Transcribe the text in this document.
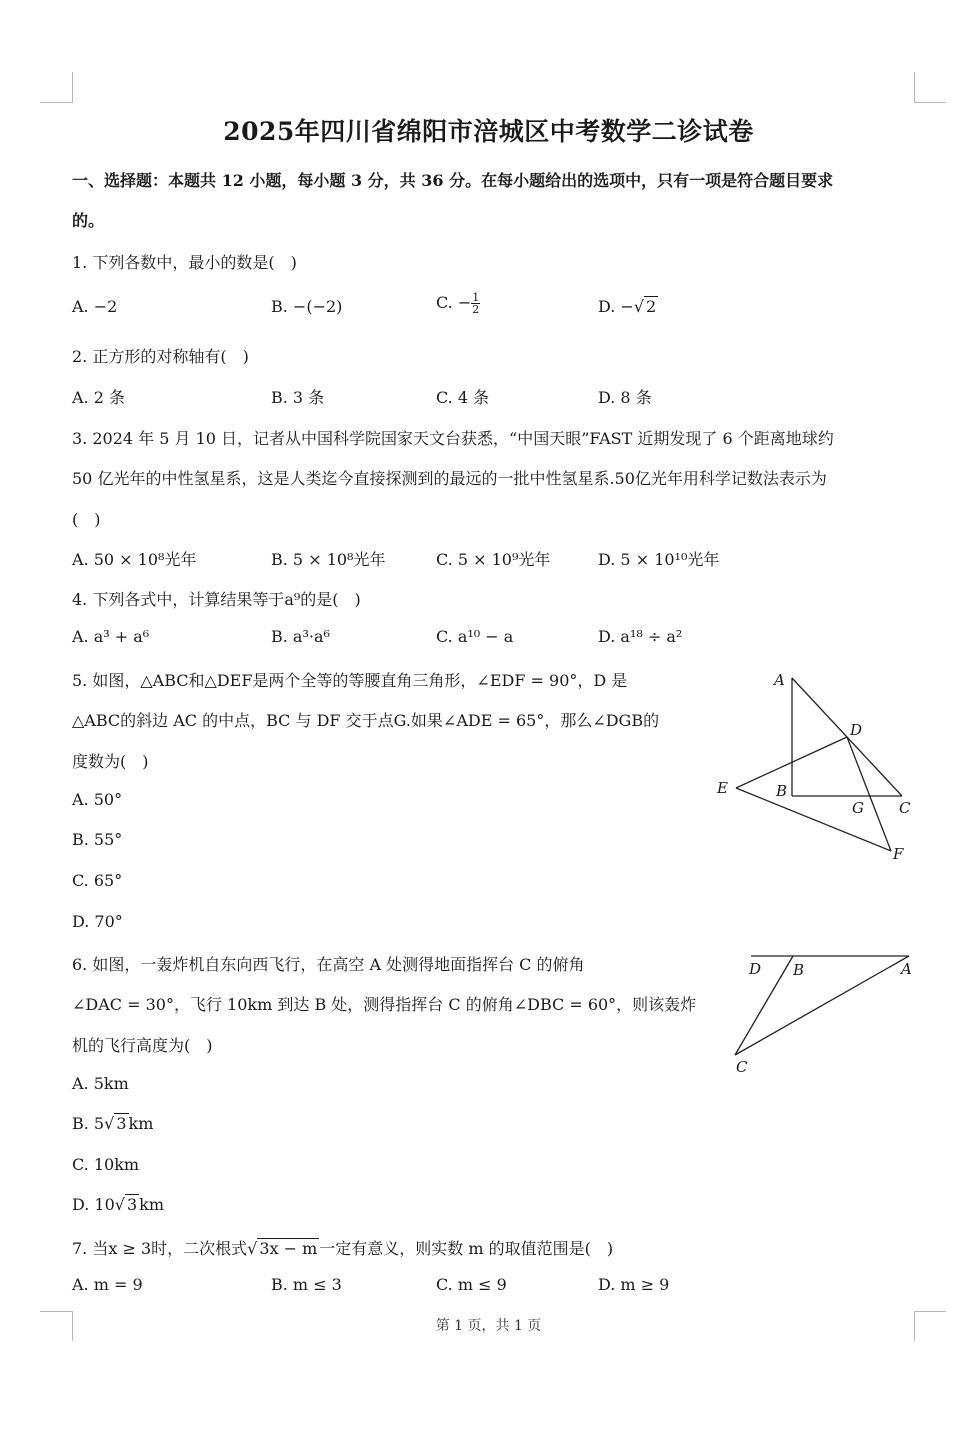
2025年四川省绵阳市涪城区中考数学二诊试卷
一、选择题：本题共 12 小题，每小题 3 分，共 36 分。在每小题给出的选项中，只有一项是符合题目要求
的。
1. 下列各数中，最小的数是(　)
A. −2	B. −(−2)	C. − $\frac{1}{2}$	D. −√ 2
2. 正方形的对称轴有(　)
A. 2 条	B. 3 条	C. 4 条	D. 8 条
3. 2024 年 5 月 10 日，记者从中国科学院国家天文台获悉，“中国天眼”FAST 近期发现了 6 个距离地球约
50 亿光年的中性氢星系，这是人类迄今直接探测到的最远的一批中性氢星系.50亿光年用科学记数法表示为
(　)
A. 50 × 10⁸光年	B. 5 × 10⁸光年	C. 5 × 10⁹光年	D. 5 × 10¹⁰光年
4. 下列各式中，计算结果等于a⁹的是(　)
A. a³ + a⁶	B. a³·a⁶	C. a¹⁰ − a	D. a¹⁸ ÷ a²
5. 如图，△ABC和△DEF是两个全等的等腰直角三角形，∠EDF = 90°，D 是
△ABC的斜边 AC 的中点，BC 与 DF 交于点G.如果∠ADE = 65°，那么∠DGB的
度数为(　)
A. 50°
B. 55°
C. 65°
D. 70°
A
D
E	B
G C
F
6. 如图，一轰炸机自东向西飞行，在高空 A 处测得地面指挥台 C 的俯角
∠DAC = 30°，飞行 10km 到达 B 处，测得指挥台 C 的俯角∠DBC = 60°，则该轰炸
机的飞行高度为(　)
A. 5km
B. 5√ 3 km
C. 10km
D. 10√ 3 km
D B	A
C
7. 当x ≥ 3时，二次根式√ 3x − m 一定有意义，则实数 m 的取值范围是(　)
A. m = 9	B. m ≤ 3	C. m ≤ 9	D. m ≥ 9
第 1 页，共 1 页
